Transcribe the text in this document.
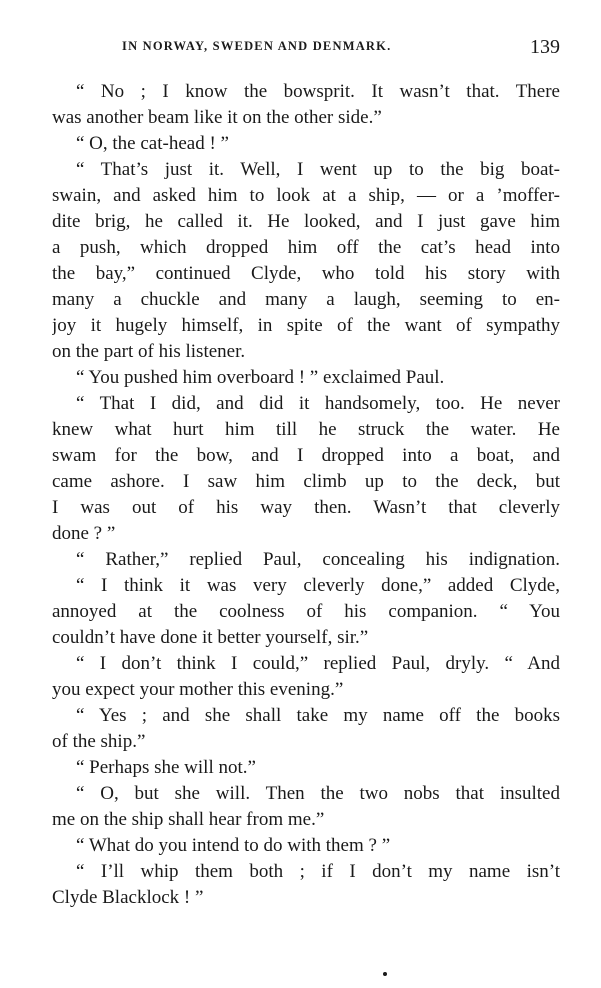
IN NORWAY, SWEDEN AND DENMARK.	139
“ No ; I know the bowsprit. It wasn’t that. There
was another beam like it on the other side.”
“ O, the cat-head ! ”
“ That’s just it. Well, I went up to the big boat-
swain, and asked him to look at a ship, — or a ’moffer-
dite brig, he called it. He looked, and I just gave him
a push, which dropped him off the cat’s head into
the bay,” continued Clyde, who told his story with
many a chuckle and many a laugh, seeming to en-
joy it hugely himself, in spite of the want of sympathy
on the part of his listener.
“ You pushed him overboard ! ” exclaimed Paul.
“ That I did, and did it handsomely, too. He never
knew what hurt him till he struck the water. He
swam for the bow, and I dropped into a boat, and
came ashore. I saw him climb up to the deck, but
I was out of his way then. Wasn’t that cleverly
done ? ”
“ Rather,” replied Paul, concealing his indignation.
“ I think it was very cleverly done,” added Clyde,
annoyed at the coolness of his companion. “ You
couldn’t have done it better yourself, sir.”
“ I don’t think I could,” replied Paul, dryly. “ And
you expect your mother this evening.”
“ Yes ; and she shall take my name off the books
of the ship.”
“ Perhaps she will not.”
“ O, but she will. Then the two nobs that insulted
me on the ship shall hear from me.”
“ What do you intend to do with them ? ”
“ I’ll whip them both ; if I don’t my name isn’t
Clyde Blacklock ! ”
